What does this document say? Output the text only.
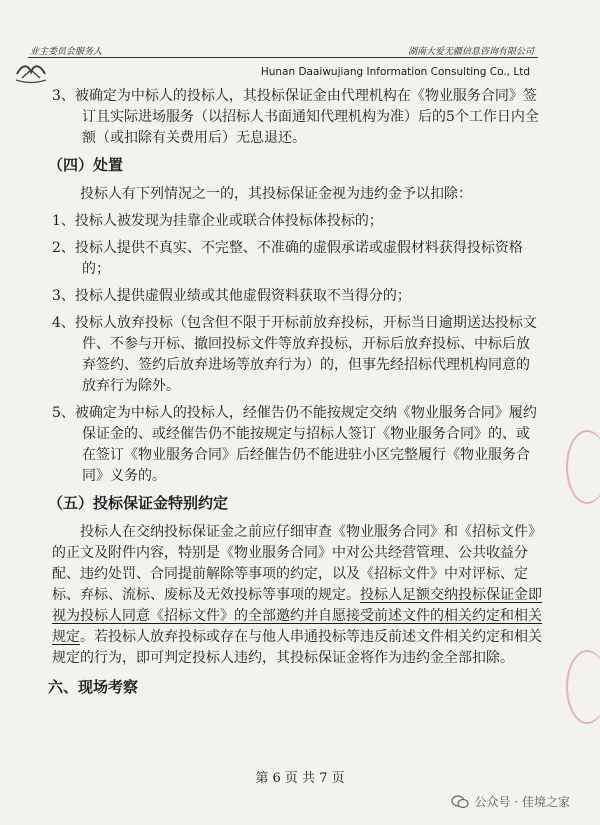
业主委员会服务人	湖南大爱无疆信息咨询有限公司
Hunan Daaiwujiang Information Consulting Co., Ltd
3、被确定为中标人的投标人，其投标保证金由代理机构在《物业服务合同》签订且实际进场服务（以招标人书面通知代理机构为准）后的5个工作日内全额（或扣除有关费用后）无息退还。
（四）处置
投标人有下列情况之一的，其投标保证金视为违约金予以扣除：
1、投标人被发现为挂靠企业或联合体投标体投标的；
2、投标人提供不真实、不完整、不准确的虚假承诺或虚假材料获得投标资格的；
3、投标人提供虚假业绩或其他虚假资料获取不当得分的；
4、投标人放弃投标（包含但不限于开标前放弃投标，开标当日逾期送达投标文件、不参与开标、撤回投标文件等放弃投标，开标后放弃投标、中标后放弃签约、签约后放弃进场等放弃行为）的，但事先经招标代理机构同意的放弃行为除外。
5、被确定为中标人的投标人，经催告仍不能按规定交纳《物业服务合同》履约保证金的、或经催告仍不能按规定与招标人签订《物业服务合同》的、或在签订《物业服务合同》后经催告仍不能进驻小区完整履行《物业服务合同》义务的。
（五）投标保证金特别约定
投标人在交纳投标保证金之前应仔细审查《物业服务合同》和《招标文件》的正文及附件内容，特别是《物业服务合同》中对公共经营管理、公共收益分配、违约处罚、合同提前解除等事项的约定，以及《招标文件》中对评标、定标、弃标、流标、废标及无效投标等事项的规定。投标人足额交纳投标保证金即视为投标人同意《招标文件》的全部邀约并自愿接受前述文件的相关约定和相关规定。若投标人放弃投标或存在与他人串通投标等违反前述文件相关约定和相关规定的行为，即可判定投标人违约，其投标保证金将作为违约金全部扣除。
六、现场考察
第 6 页 共 7 页
公众号 · 佳境之家
